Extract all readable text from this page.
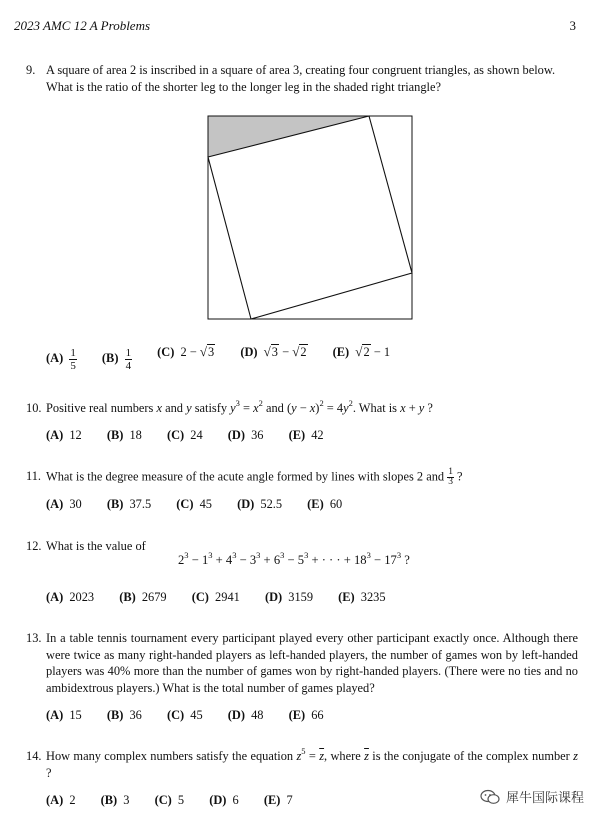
2023 AMC 12 A Problems	3
9. A square of area 2 is inscribed in a square of area 3, creating four congruent triangles, as shown below.

What is the ratio of the shorter leg to the longer leg in the shaded right triangle?

$(A) \frac{1}{5} (B) \frac{1}{4} (C) 2 - √3$ (D) √3 − √2 (E) √2 − 1
10. Positive real numbers x and y satisfy $y^3 = x^2$ and $(y - x)^2 = 4y^2$. What is x + y ?
(A) 12 (B) 18 (C) 24 (D) 36 (E) 42
11. What is the degree measure of the acute angle formed by lines with slopes 2 and $\frac{1}{3}$ ?
(A) 30 (B) 37.5 (C) 45 (D) 52.5 (E) 60
12. What is the value of
$2^3 - 1^3 + 4^3 - 3^3 + 6^3 - 5^3$ + · · · + $18^3 - 17^3$ ?
(A) 2023 (B) 2679 (C) 2941 (D) 3159 (E) 3235
13. In a table tennis tournament every participant played every other participant exactly once. Although there were twice as many right-handed players as left-handed players, the number of games won by left-handed players was 40% more than the number of games won by right-handed players. (There were no ties and no ambidextrous players.) What is the total number of games played?
(A) 15 (B) 36 (C) 45 (D) 48 (E) 66
14. How many complex numbers satisfy the equation $z^5 = \overline{z}$, where $\overline{z}$ is the conjugate of the complex number z ?
(A) 2 (B) 3 (C) 5 (D) 6 (E) 7	犀牛国际课程
